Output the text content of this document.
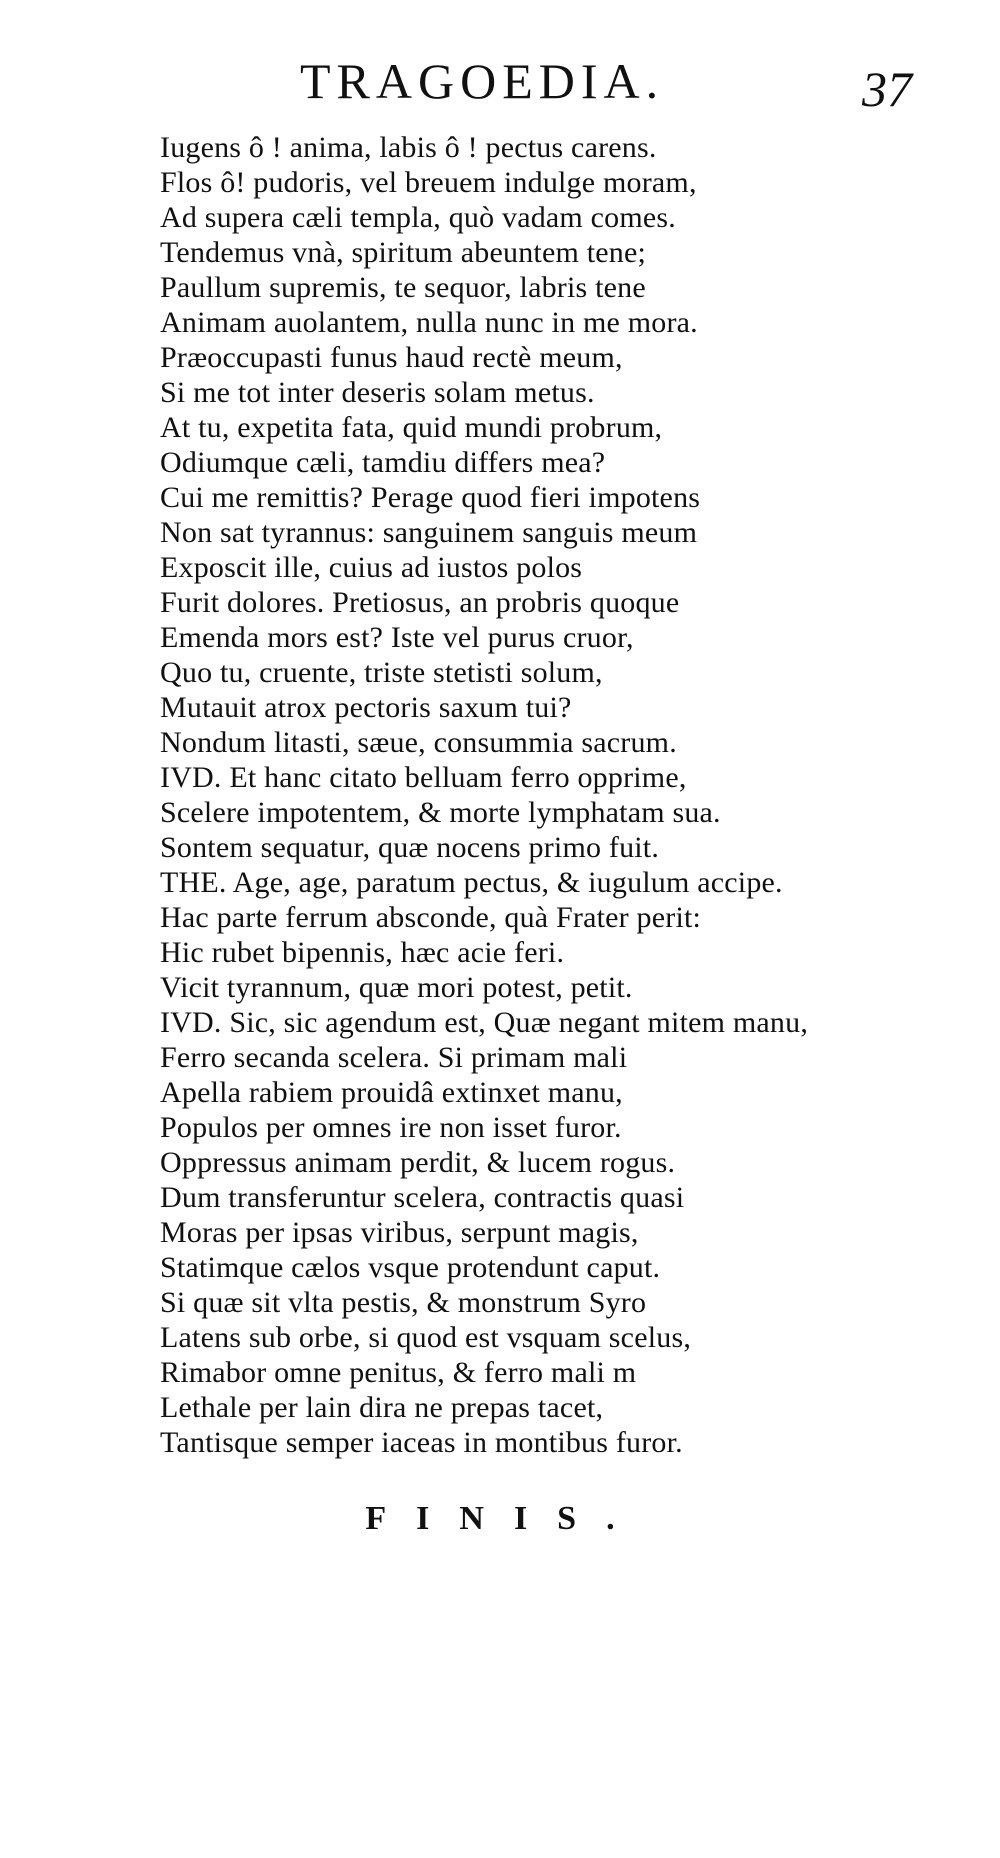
TRAGOEDIA.	37
Iugens ô ! anima, labis ô ! pectus carens.
Flos ô! pudoris, vel breuem indulge moram,
Ad supera cæli templa, quò vadam comes.
Tendemus vnà, spiritum abeuntem tene;
Paullum supremis, te sequor, labris tene
Animam auolantem, nulla nunc in me mora.
Præoccupasti funus haud rectè meum,
Si me tot inter deseris solam metus.
At tu, expetita fata, quid mundi probrum,
Odiumque cæli, tamdiu differs mea?
Cui me remittis? Perage quod fieri impotens
Non sat tyrannus: sanguinem sanguis meum
Exposcit ille, cuius ad iustos polos
Furit dolores. Pretiosus, an probris quoque
Emenda mors est? Iste vel purus cruor,
Quo tu, cruente, triste stetisti solum,
Mutauit atrox pectoris saxum tui?
Nondum litasti, sæue, consummia sacrum.
IVD. Et hanc citato belluam ferro opprime,
Scelere impotentem, & morte lymphatam sua.
Sontem sequatur, quæ nocens primo fuit.
THE. Age, age, paratum pectus, & iugulum accipe.
Hac parte ferrum absconde, quà Frater perit:
Hic rubet bipennis, hæc acie feri.
Vicit tyrannum, quæ mori potest, petit.
IVD. Sic, sic agendum est, Quæ negant mitem manu,
Ferro secanda scelera. Si primam mali
Apella rabiem prouidâ extinxet manu,
Populos per omnes ire non isset furor.
Oppressus animam perdit, & lucem rogus.
Dum transferuntur scelera, contractis quasi
Moras per ipsas viribus, serpunt magis,
Statimque cælos vsque protendunt caput.
Si quæ sit vlta pestis, & monstrum Syro
Latens sub orbe, si quod est vsquam scelus,
Rimabor omne penitus, & ferro mali m
Lethale per lain dira ne prepas tacet,
Tantisque semper iaceas in montibus furor.
FINIS.
